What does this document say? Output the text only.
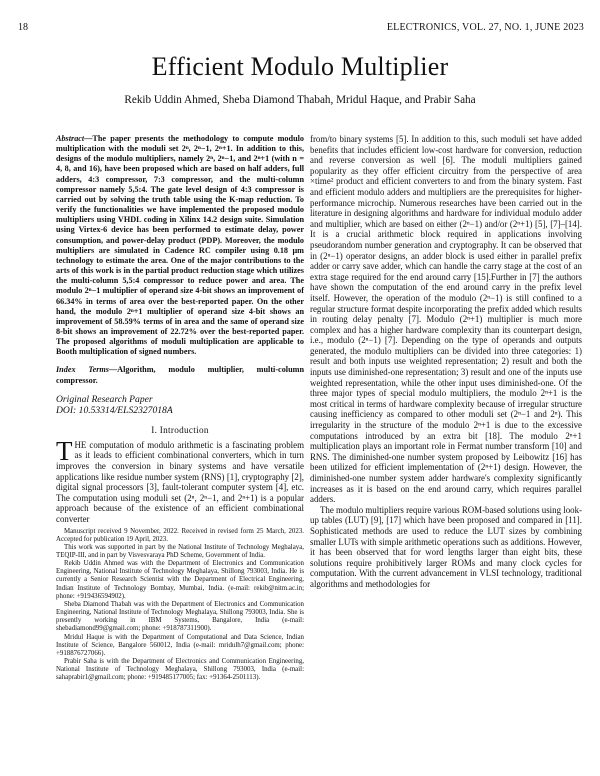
18	ELECTRONICS, VOL. 27, NO. 1, JUNE 2023
Efficient Modulo Multiplier
Rekib Uddin Ahmed, Sheba Diamond Thabah, Mridul Haque, and Prabir Saha

Abstract—The paper presents the methodology to compute modulo multiplication with the moduli set 2ⁿ, 2ⁿ−1, 2ⁿ+1. In addition to this, designs of the modulo multipliers, namely 2ⁿ, 2ⁿ−1, and 2ⁿ+1 (with n = 4, 8, and 16), have been proposed which are based on half adders, full adders, 4:3 compressor, 7:3 compressor, and the multi-column compressor namely 5,5:4. The gate level design of 4:3 compressor is carried out by solving the truth table using the K-map reduction. To verify the functionalities we have implemented the proposed modulo multipliers using VHDL coding in Xilinx 14.2 design suite. Simulation using Virtex-6 device has been performed to estimate delay, power consumption, and power-delay product (PDP). Moreover, the modulo multipliers are simulated in Cadence RC compiler using 0.18 μm technology to estimate the area. One of the major contributions to the arts of this work is in the partial product reduction stage which utilizes the multi-column 5,5:4 compressor to reduce power and area. The modulo 2ⁿ−1 multiplier of operand size 4-bit shows an improvement of 66.34% in terms of area over the best-reported paper. On the other hand, the modulo 2ⁿ+1 multiplier of operand size 4-bit shows an improvement of 58.59% terms of in area and the same of operand size 8-bit shows an improvement of 22.72% over the best-reported paper. The proposed algorithms of moduli multiplication are applicable to Booth multiplication of signed numbers.

Index Terms—Algorithm, modulo multiplier, multi-column compressor.

Original Research Paper
DOI: 10.53314/ELS2327018A
I. Introduction

THE computation of modulo arithmetic is a fascinating problem as it leads to efficient combinational converters, which in turn improves the conversion in binary systems and have versatile applications like residue number system (RNS) [1], cryptography [2], digital signal processors [3], fault-tolerant computer system [4], etc. The computation using moduli set (2ⁿ, 2ⁿ−1, and 2ⁿ+1) is a popular approach because of the existence of an efficient combinational converter

Manuscript received 9 November, 2022. Received in revised form 25 March, 2023. Accepted for publication 19 April, 2023.

This work was supported in part by the National Institute of Technology Meghalaya, TEQIP-III, and in part by Visvesvaraya PhD Scheme, Government of India.

Rekib Uddin Ahmed was with the Department of Electronics and Communication Engineering, National Institute of Technology Meghalaya, Shillong 793003, India. He is currently a Senior Research Scientist with the Department of Electrical Engineering, Indian Institute of Technology Bombay, Mumbai, India. (e-mail: rekib@nitm.ac.in; phone: +919436594902).

Sheba Diamond Thabah was with the Department of Electronics and Communication Engineering, National Institute of Technology Meghalaya, Shillong 793003, India. She is presently working in IBM Systems, Bangalore, India (e-mail: shebadiamond99@gmail.com; phone: +918787311900).

Mridul Haque is with the Department of Computational and Data Science, Indian Institute of Science, Bangalore 560012, India (e-mail: mridulh7@gmail.com; phone: +918876727066).

Prabir Saha is with the Department of Electronics and Communication Engineering, National Institute of Technology Meghalaya, Shillong 793003, India (e-mail: sahaprabir1@gmail.com; phone: +919485177005; fax: +91364-2501113).

from/to binary systems [5]. In addition to this, such moduli set have added benefits that includes efficient low-cost hardware for conversion, reduction and reverse conversion as well [6]. The moduli multipliers gained popularity as they offer efficient circuitry from the perspective of area ×time² product and efficient converters to and from the binary system. Fast and efficient modulo adders and multipliers are the prerequisites for higher-performance microchip. Numerous researches have been carried out in the literature in designing algorithms and hardware for individual modulo adder and multiplier, which are based on either (2ⁿ−1) and/or (2ⁿ+1) [5], [7]–[14]. It is a crucial arithmetic block required in applications involving pseudorandom number generation and cryptography. It can be observed that in (2ⁿ−1) operator designs, an adder block is used either in parallel prefix adder or carry save adder, which can handle the carry stage at the cost of an extra stage required for the end around carry [15].Further in [7] the authors have shown the computation of the end around carry in the prefix level itself. However, the operation of the modulo (2ⁿ−1) is still confined to a regular structure format despite incorporating the prefix added which results in routing delay penalty [7]. Modulo (2ⁿ+1) multiplier is much more complex and has a higher hardware complexity than its counterpart design, i.e., modulo (2ⁿ−1) [7]. Depending on the type of operands and outputs generated, the modulo multipliers can be divided into three categories: 1) result and both inputs use weighted representation; 2) result and both the inputs use diminished-one representation; 3) result and one of the inputs use weighted representation, while the other input uses diminished-one. Of the three major types of special modulo multipliers, the modulo 2ⁿ+1 is the most critical in terms of hardware complexity because of irregular structure causing inefficiency as compared to other moduli set (2ⁿ−1 and 2ⁿ). This irregularity in the structure of the modulo 2ⁿ+1 is due to the excessive computations introduced by an extra bit [18]. The modulo 2ⁿ+1 multiplication plays an important role in Fermat number transform [10] and RNS. The diminished-one number system proposed by Leibowitz [16] has been utilized for efficient implementation of (2ⁿ+1) design. However, the diminished-one number system adder hardware's complexity significantly increases as it is based on the end around carry, which requires parallel adders.

The modulo multipliers require various ROM-based solutions using look-up tables (LUT) [9], [17] which have been proposed and compared in [11]. Sophisticated methods are used to reduce the LUT sizes by combining smaller LUTs with simple arithmetic operations such as additions. However, it has been observed that for word lengths larger than eight bits, these solutions require prohibitively larger ROMs and many clock cycles for computation. With the current advancement in VLSI technology, traditional algorithms and methodologies for
